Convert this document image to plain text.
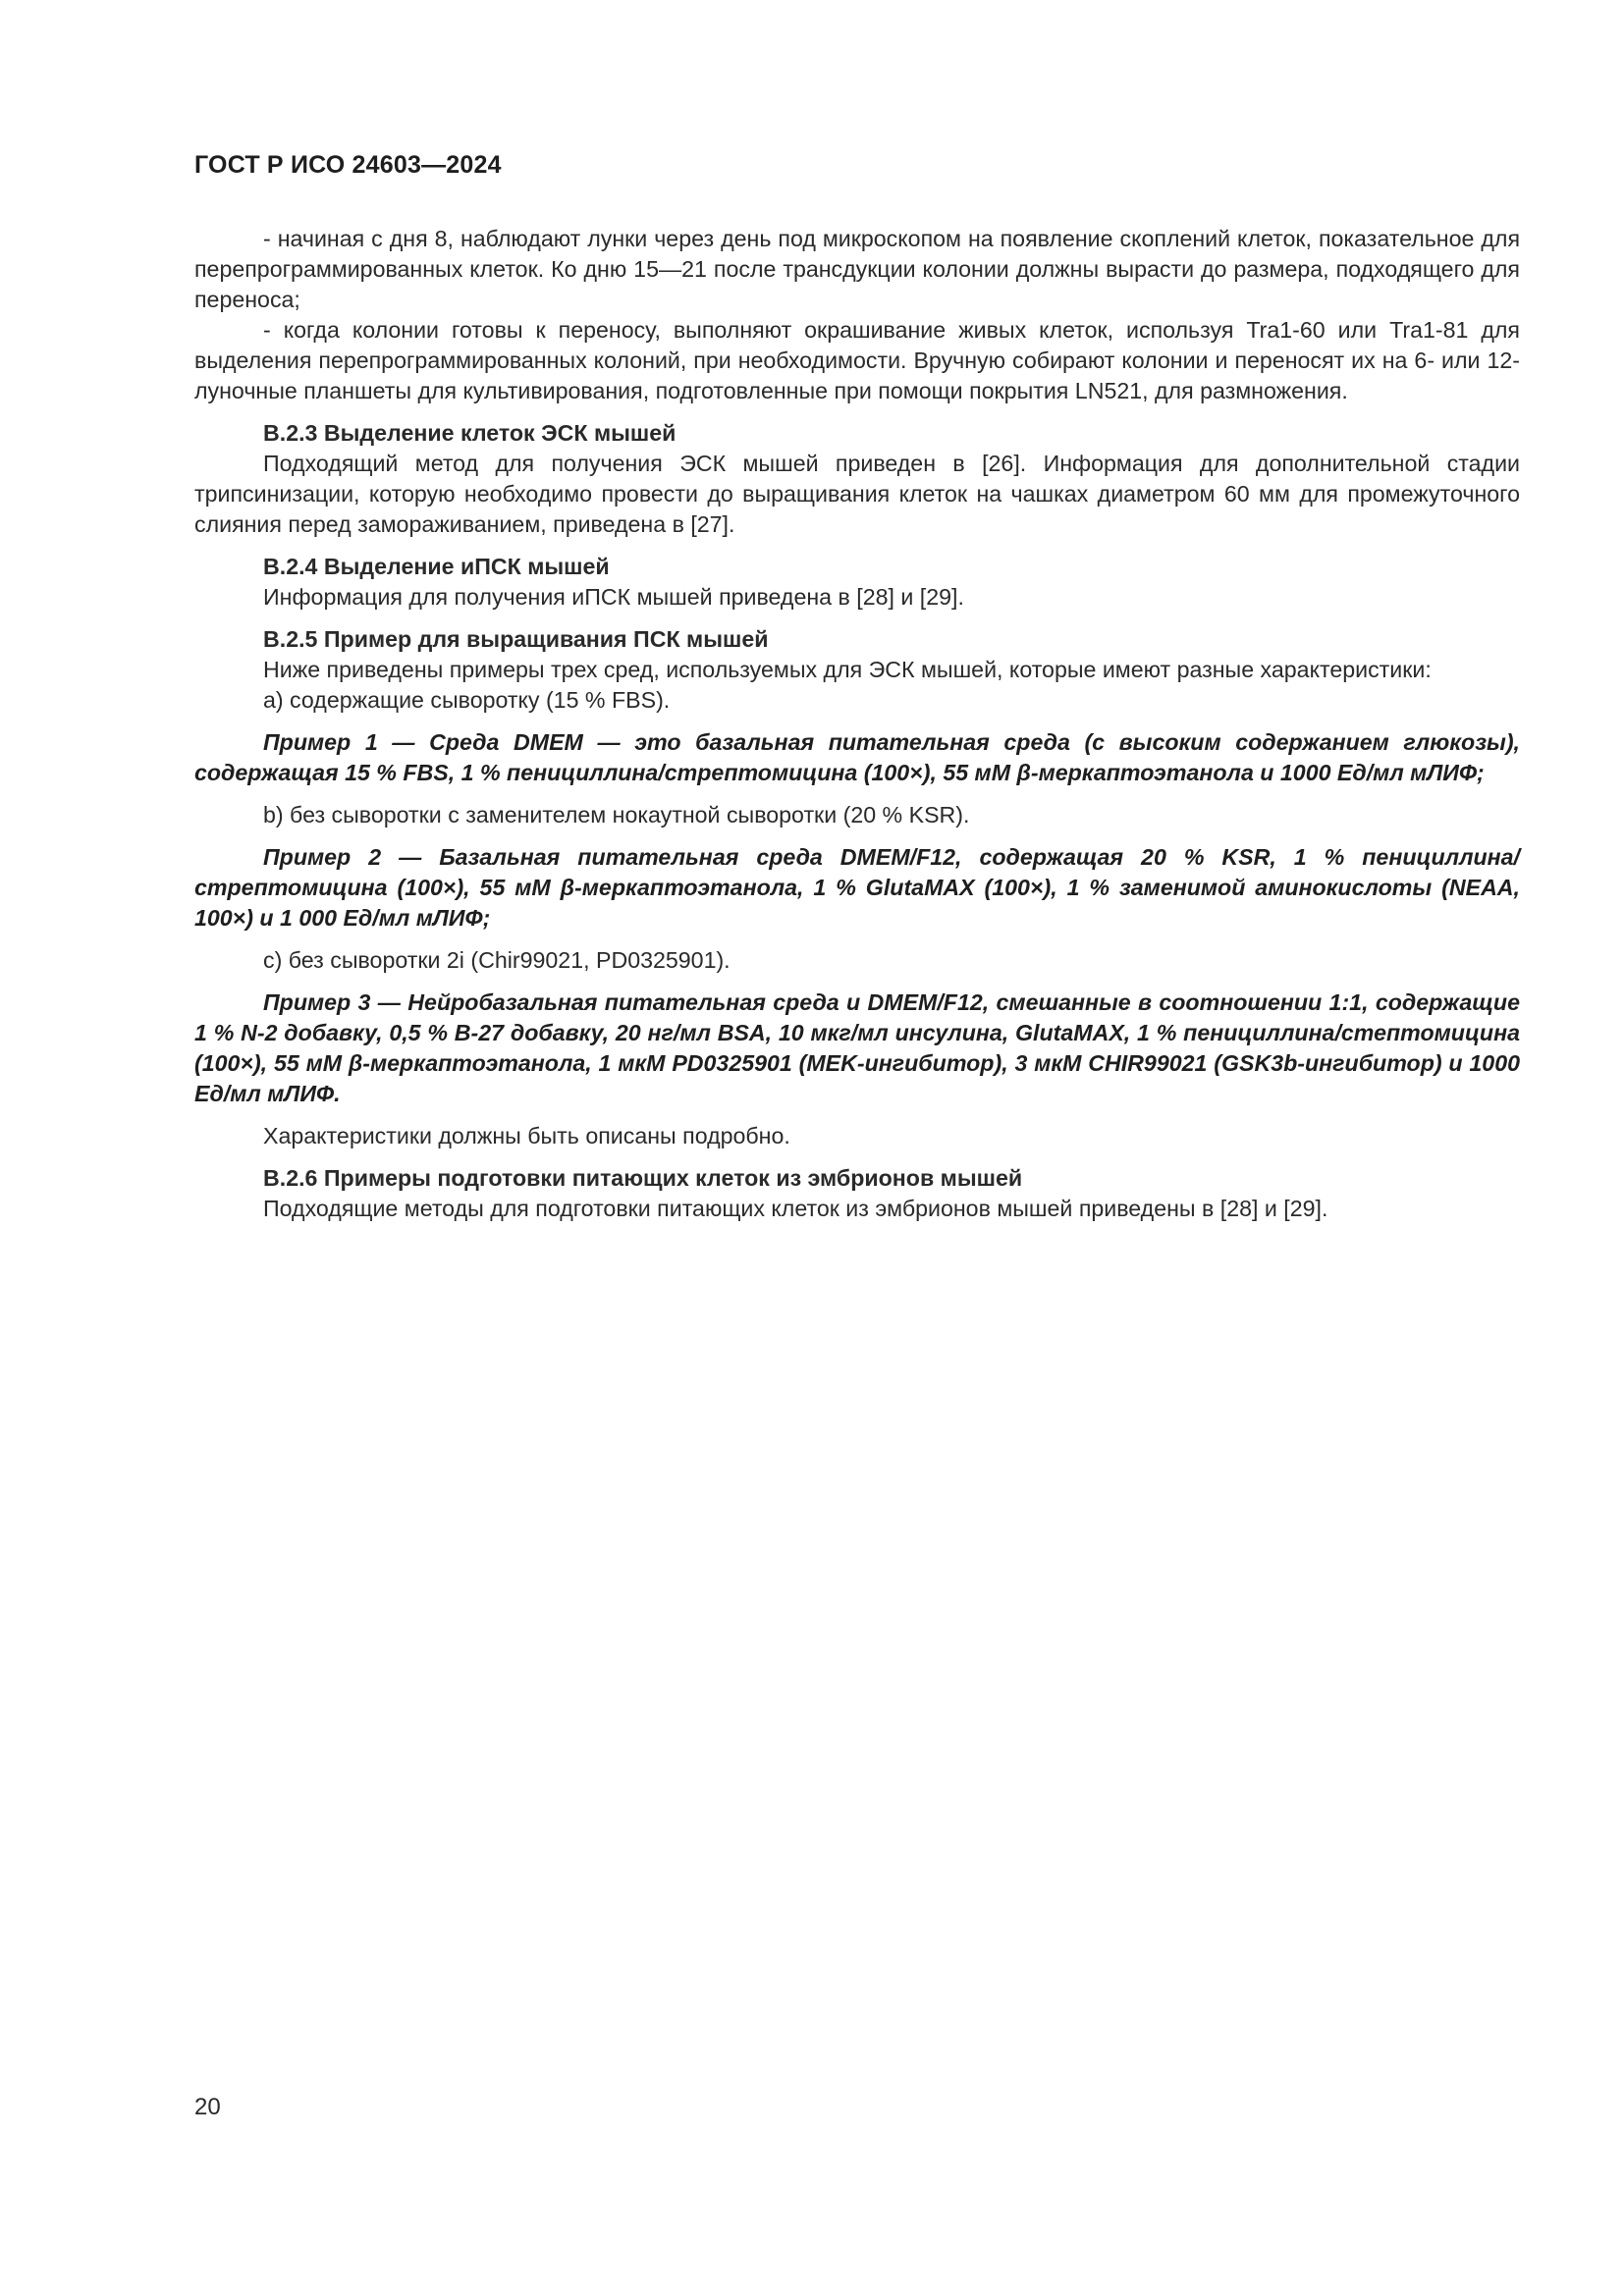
ГОСТ Р ИСО 24603—2024

- начиная с дня 8, наблюдают лунки через день под микроскопом на появление скоплений клеток, показательное для перепрограммированных клеток. Ко дню 15—21 после трансдукции колонии должны вырасти до размера, подходящего для переноса;

- когда колонии готовы к переносу, выполняют окрашивание живых клеток, используя Tra1-60 или Tra1-81 для выделения перепрограммированных колоний, при необходимости. Вручную собирают колонии и переносят их на 6- или 12-луночные планшеты для культивирования, подготовленные при помощи покрытия LN521, для размножения.

B.2.3 Выделение клеток ЭСК мышей

Подходящий метод для получения ЭСК мышей приведен в [26]. Информация для дополнительной стадии трипсинизации, которую необходимо провести до выращивания клеток на чашках диаметром 60 мм для промежуточного слияния перед замораживанием, приведена в [27].

B.2.4 Выделение иПСК мышей

Информация для получения иПСК мышей приведена в [28] и [29].

B.2.5 Пример для выращивания ПСК мышей

Ниже приведены примеры трех сред, используемых для ЭСК мышей, которые имеют разные характеристики:

a) содержащие сыворотку (15 % FBS).

Пример 1 — Среда DMEM — это базальная питательная среда (с высоким содержанием глюкозы), содержащая 15 % FBS, 1 % пенициллина/стрептомицина (100×), 55 мМ β-меркаптоэтанола и 1000 Ед/мл мЛИФ;

b) без сыворотки с заменителем нокаутной сыворотки (20 % KSR).

Пример 2 — Базальная питательная среда DMEM/F12, содержащая 20 % KSR, 1 % пенициллина/стрептомицина (100×), 55 мМ β-меркаптоэтанола, 1 % GlutaMAX (100×), 1 % заменимой аминокислоты (NEAA, 100×) и 1 000 Ед/мл мЛИФ;

c) без сыворотки 2i (Chir99021, PD0325901).

Пример 3 — Нейробазальная питательная среда и DMEM/F12, смешанные в соотношении 1:1, содержащие 1 % N-2 добавку, 0,5 % B-27 добавку, 20 нг/мл BSA, 10 мкг/мл инсулина, GlutaMAX, 1 % пенициллина/стептомицина (100×), 55 мМ β-меркаптоэтанола, 1 мкМ PD0325901 (MEK-ингибитор), 3 мкМ CHIR99021 (GSK3b-ингибитор) и 1000 Ед/мл мЛИФ.

Характеристики должны быть описаны подробно.

B.2.6 Примеры подготовки питающих клеток из эмбрионов мышей

Подходящие методы для подготовки питающих клеток из эмбрионов мышей приведены в [28] и [29].

20
